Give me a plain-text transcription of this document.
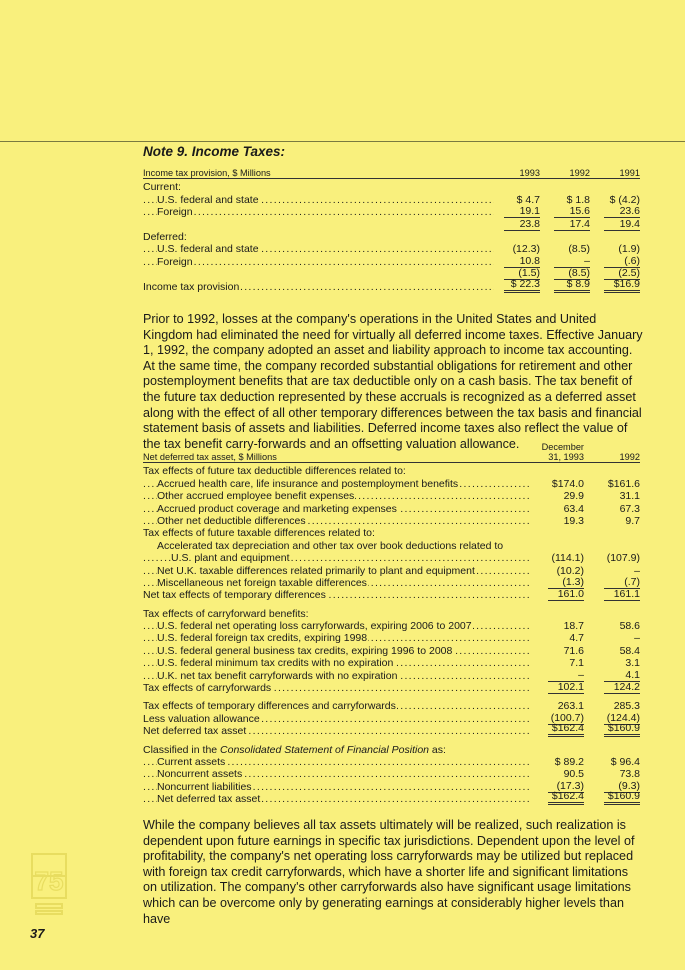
Note 9. Income Taxes:
Income tax provision, $ Millions	1993	1992	1991
Current:
U.S. federal and state .....	$ 4.7	$ 1.8	$ (4.2)
Foreign .....	19.1	15.6	23.6
23.8	17.4	19.4
Deferred:
U.S. federal and state .....	(12.3)	(8.5)	(1.9)
Foreign .....	10.8	–	(.6)
(1.5)	(8.5)	(2.5)
Income tax provision .....	$ 22.3	$ 8.9	$16.9
Prior to 1992, losses at the company's operations in the United States and United Kingdom had eliminated the need for virtually all deferred income taxes. Effective January 1, 1992, the company adopted an asset and liability approach to income tax accounting. At the same time, the company recorded substantial obligations for retirement and other postemployment benefits that are tax deductible only on a cash basis. The tax benefit of the future tax deduction represented by these accruals is recognized as a deferred asset along with the effect of all other temporary differences between the tax basis and financial statement basis of assets and liabilities. Deferred income taxes also reflect the value of the tax benefit carry-forwards and an offsetting valuation allowance.
Net deferred tax asset, $ Millions
December 31, 1993	1992
Tax effects of future tax deductible differences related to:
Accrued health care, life insurance and postemployment benefits .....	$174.0	$161.6
Other accrued employee benefit expenses .....	29.9	31.1
Accrued product coverage and marketing expenses .....	63.4	67.3
Other net deductible differences .....	19.3	9.7
Tax effects of future taxable differences related to:
Accelerated tax depreciation and other tax over book deductions related to
U.S. plant and equipment .....	(114.1)	(107.9)
Net U.K. taxable differences related primarily to plant and equipment .....	(10.2)	–
Miscellaneous net foreign taxable differences .....	(1.3)	(.7)
Net tax effects of temporary differences .....	161.0	161.1
Tax effects of carryforward benefits:
U.S. federal net operating loss carryforwards, expiring 2006 to 2007 .....	18.7	58.6
U.S. federal foreign tax credits, expiring 1998 .....	4.7	–
U.S. federal general business tax credits, expiring 1996 to 2008 .....	71.6	58.4
U.S. federal minimum tax credits with no expiration .....	7.1	3.1
U.K. net tax benefit carryforwards with no expiration .....	–	4.1
Tax effects of carryforwards .....	102.1	124.2
Tax effects of temporary differences and carryforwards .....	263.1	285.3
Less valuation allowance .....	(100.7)	(124.4)
Net deferred tax asset .....	$162.4	$160.9
Classified in the Consolidated Statement of Financial Position as:
Current assets .....	$ 89.2	$ 96.4
Noncurrent assets .....	90.5	73.8
Noncurrent liabilities .....	(17.3)	(9.3)
Net deferred tax asset .....	$162.4	$160.9
While the company believes all tax assets ultimately will be realized, such realization is dependent upon future earnings in specific tax jurisdictions. Dependent upon the level of profitability, the company's net operating loss carryforwards may be utilized but replaced with foreign tax credit carryforwards, which have a shorter life and significant limitations on utilization. The company's other carryforwards also have significant usage limitations which can be overcome only by generating earnings at considerably higher levels than have
75
37
